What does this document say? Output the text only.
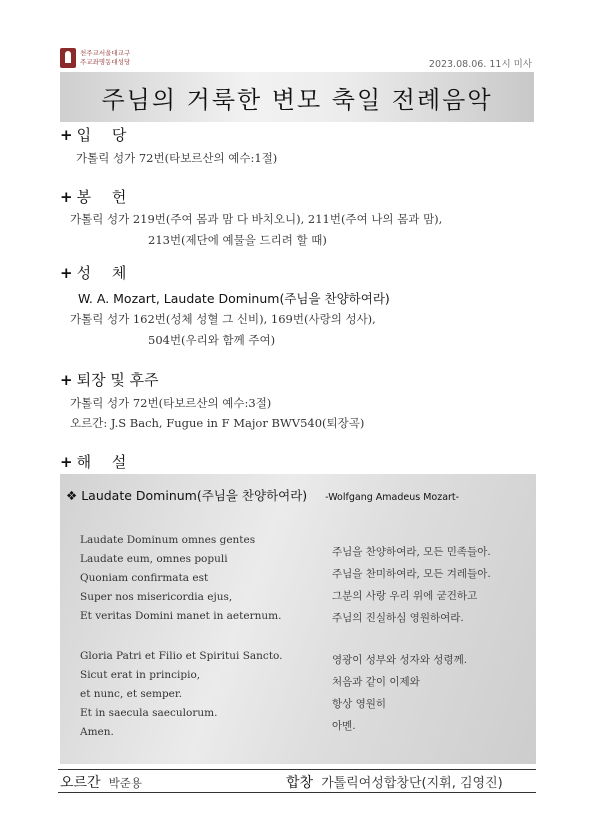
천주교서울대교구
주교좌명동대성당	2023.08.06. 11시 미사
주님의 거룩한 변모 축일 전례음악
+ 입 당
가톨릭 성가 72번(타보르산의 예수:1절)
+ 봉 헌
가톨릭 성가 219번(주여 몸과 맘 다 바치오니), 211번(주여 나의 몸과 맘),
213번(제단에 예물을 드리려 할 때)
+ 성 체
W. A. Mozart, Laudate Dominum(주님을 찬양하여라)
가톨릭 성가 162번(성체 성혈 그 신비), 169번(사랑의 성사),
504번(우리와 함께 주여)
+ 퇴장 및 후주
가톨릭 성가 72번(타보르산의 예수:3절)
오르간: J.S Bach, Fugue in F Major BWV540(퇴장곡)
+ 해 설
❖ Laudate Dominum(주님을 찬양하여라) -Wolfgang Amadeus Mozart-
Laudate Dominum omnes gentes
Laudate eum, omnes populi
Quoniam confirmata est
Super nos misericordia ejus,
Et veritas Domini manet in aeternum.
Gloria Patri et Filio et Spiritui Sancto.
Sicut erat in principio,
et nunc, et semper.
Et in saecula saeculorum.
Amen.
주님을 찬양하여라, 모든 민족들아.
주님을 찬미하여라, 모든 겨레들아.
그분의 사랑 우리 위에 굳건하고
주님의 진실하심 영원하여라.
영광이 성부와 성자와 성령께.
처음과 같이 이제와
항상 영원히
아멘.
오르간 박준용	합창 가톨릭여성합창단(지휘, 김영진)
